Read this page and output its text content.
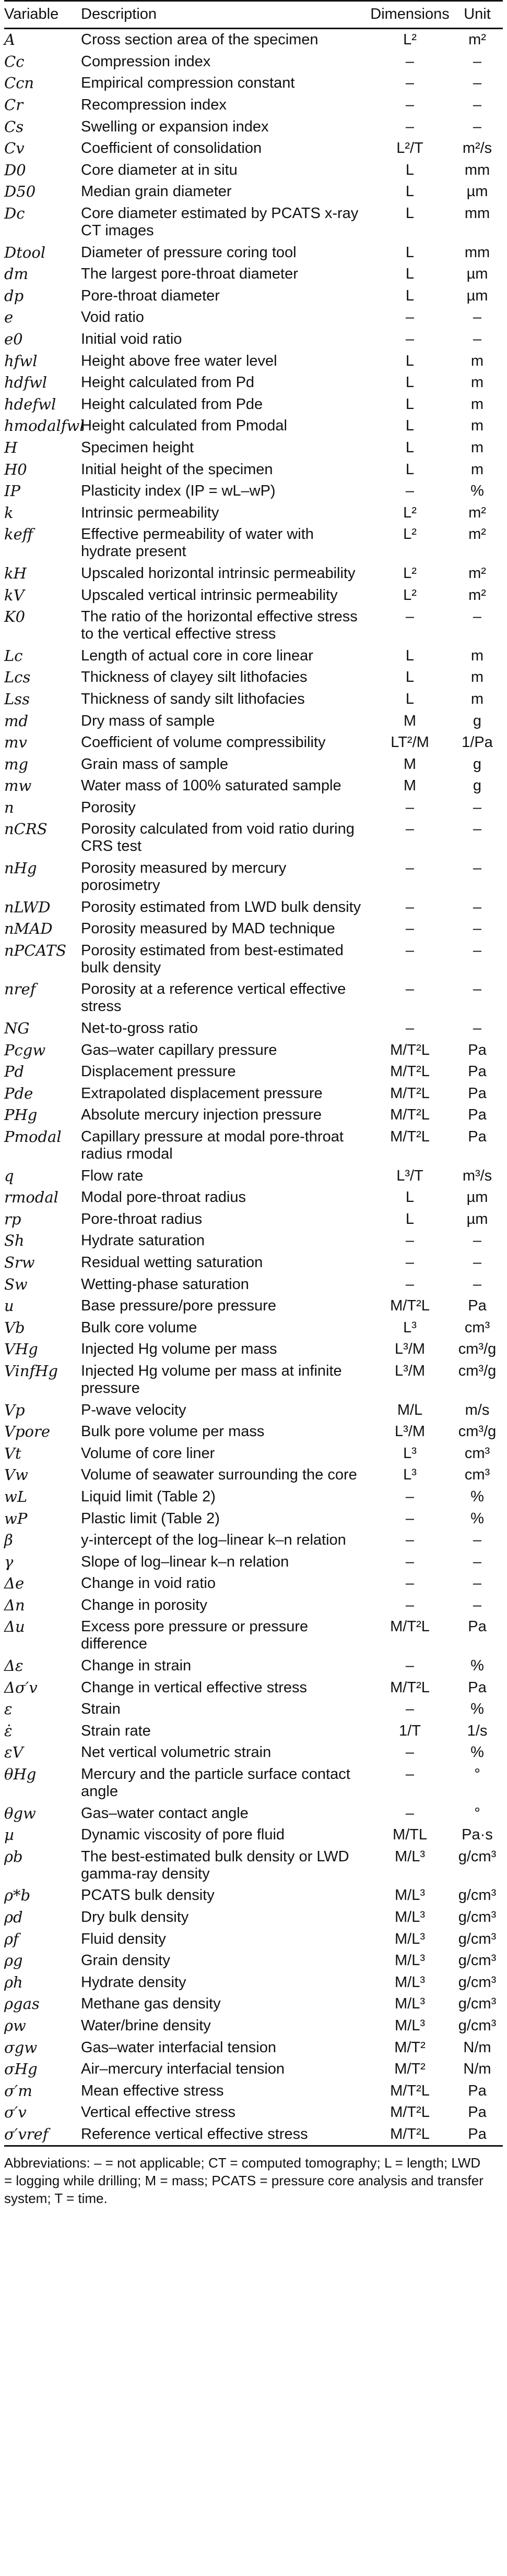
Variable	Description	Dimensions	Unit
A	Cross section area of the specimen	L²	m²
Cc	Compression index	–	–
Ccn	Empirical compression constant	–	–
Cr	Recompression index	–	–
Cs	Swelling or expansion index	–	–
Cv	Coefficient of consolidation	L²/T	m²/s
D0	Core diameter at in situ	L	mm
D50	Median grain diameter	L	µm
Dc	Core diameter estimated by PCATS x-ray CT images	L	mm
Dtool	Diameter of pressure coring tool	L	mm
dm	The largest pore-throat diameter	L	µm
dp	Pore-throat diameter	L	µm
e	Void ratio	–	–
e0	Initial void ratio	–	–
hfwl	Height above free water level	L	m
hdfwl	Height calculated from Pd	L	m
hdefwl	Height calculated from Pde	L	m
hmodalfwl	Height calculated from Pmodal	L	m
H	Specimen height	L	m
H0	Initial height of the specimen	L	m
IP	Plasticity index (IP = wL–wP)	–	%
k	Intrinsic permeability	L²	m²
keff	Effective permeability of water with hydrate present	L²	m²
kH	Upscaled horizontal intrinsic permeability	L²	m²
kV	Upscaled vertical intrinsic permeability	L²	m²
K0	The ratio of the horizontal effective stress to the vertical effective stress	–	–
Lc	Length of actual core in core linear	L	m
Lcs	Thickness of clayey silt lithofacies	L	m
Lss	Thickness of sandy silt lithofacies	L	m
md	Dry mass of sample	M	g
mv	Coefficient of volume compressibility	LT²/M	1/Pa
mg	Grain mass of sample	M	g
mw	Water mass of 100% saturated sample	M	g
n	Porosity	–	–
nCRS	Porosity calculated from void ratio during CRS test	–	–
nHg	Porosity measured by mercury porosimetry	–	–
nLWD	Porosity estimated from LWD bulk density	–	–
nMAD	Porosity measured by MAD technique	–	–
nPCATS	Porosity estimated from best-estimated bulk density	–	–
nref	Porosity at a reference vertical effective stress	–	–
NG	Net-to-gross ratio	–	–
Pcgw	Gas–water capillary pressure	M/T²L	Pa
Pd	Displacement pressure	M/T²L	Pa
Pde	Extrapolated displacement pressure	M/T²L	Pa
PHg	Absolute mercury injection pressure	M/T²L	Pa
Pmodal	Capillary pressure at modal pore-throat radius rmodal	M/T²L	Pa
q	Flow rate	L³/T	m³/s
rmodal	Modal pore-throat radius	L	µm
rp	Pore-throat radius	L	µm
Sh	Hydrate saturation	–	–
Srw	Residual wetting saturation	–	–
Sw	Wetting-phase saturation	–	–
u	Base pressure/pore pressure	M/T²L	Pa
Vb	Bulk core volume	L³	cm³
VHg	Injected Hg volume per mass	L³/M	cm³/g
VinfHg	Injected Hg volume per mass at infinite pressure	L³/M	cm³/g
Vp	P-wave velocity	M/L	m/s
Vpore	Bulk pore volume per mass	L³/M	cm³/g
Vt	Volume of core liner	L³	cm³
Vw	Volume of seawater surrounding the core	L³	cm³
wL	Liquid limit (Table 2)	–	%
wP	Plastic limit (Table 2)	–	%
β	y-intercept of the log–linear k–n relation	–	–
γ	Slope of log–linear k–n relation	–	–
Δe	Change in void ratio	–	–
Δn	Change in porosity	–	–
Δu	Excess pore pressure or pressure difference	M/T²L	Pa
Δε	Change in strain	–	%
Δσ′v	Change in vertical effective stress	M/T²L	Pa
ε	Strain	–	%
ε̇	Strain rate	1/T	1/s
εV	Net vertical volumetric strain	–	%
θHg	Mercury and the particle surface contact angle	–	°
θgw	Gas–water contact angle	–	°
µ	Dynamic viscosity of pore fluid	M/TL	Pa·s
ρb	The best-estimated bulk density or LWD gamma-ray density	M/L³	g/cm³
ρ*b	PCATS bulk density	M/L³	g/cm³
ρd	Dry bulk density	M/L³	g/cm³
ρf	Fluid density	M/L³	g/cm³
ρg	Grain density	M/L³	g/cm³
ρh	Hydrate density	M/L³	g/cm³
ρgas	Methane gas density	M/L³	g/cm³
ρw	Water/brine density	M/L³	g/cm³
σgw	Gas–water interfacial tension	M/T²	N/m
σHg	Air–mercury interfacial tension	M/T²	N/m
σ′m	Mean effective stress	M/T²L	Pa
σ′v	Vertical effective stress	M/T²L	Pa
σ′vref	Reference vertical effective stress	M/T²L	Pa
Abbreviations: – = not applicable; CT = computed tomography; L = length; LWD = logging while drilling; M = mass; PCATS = pressure core analysis and transfer system; T = time.
